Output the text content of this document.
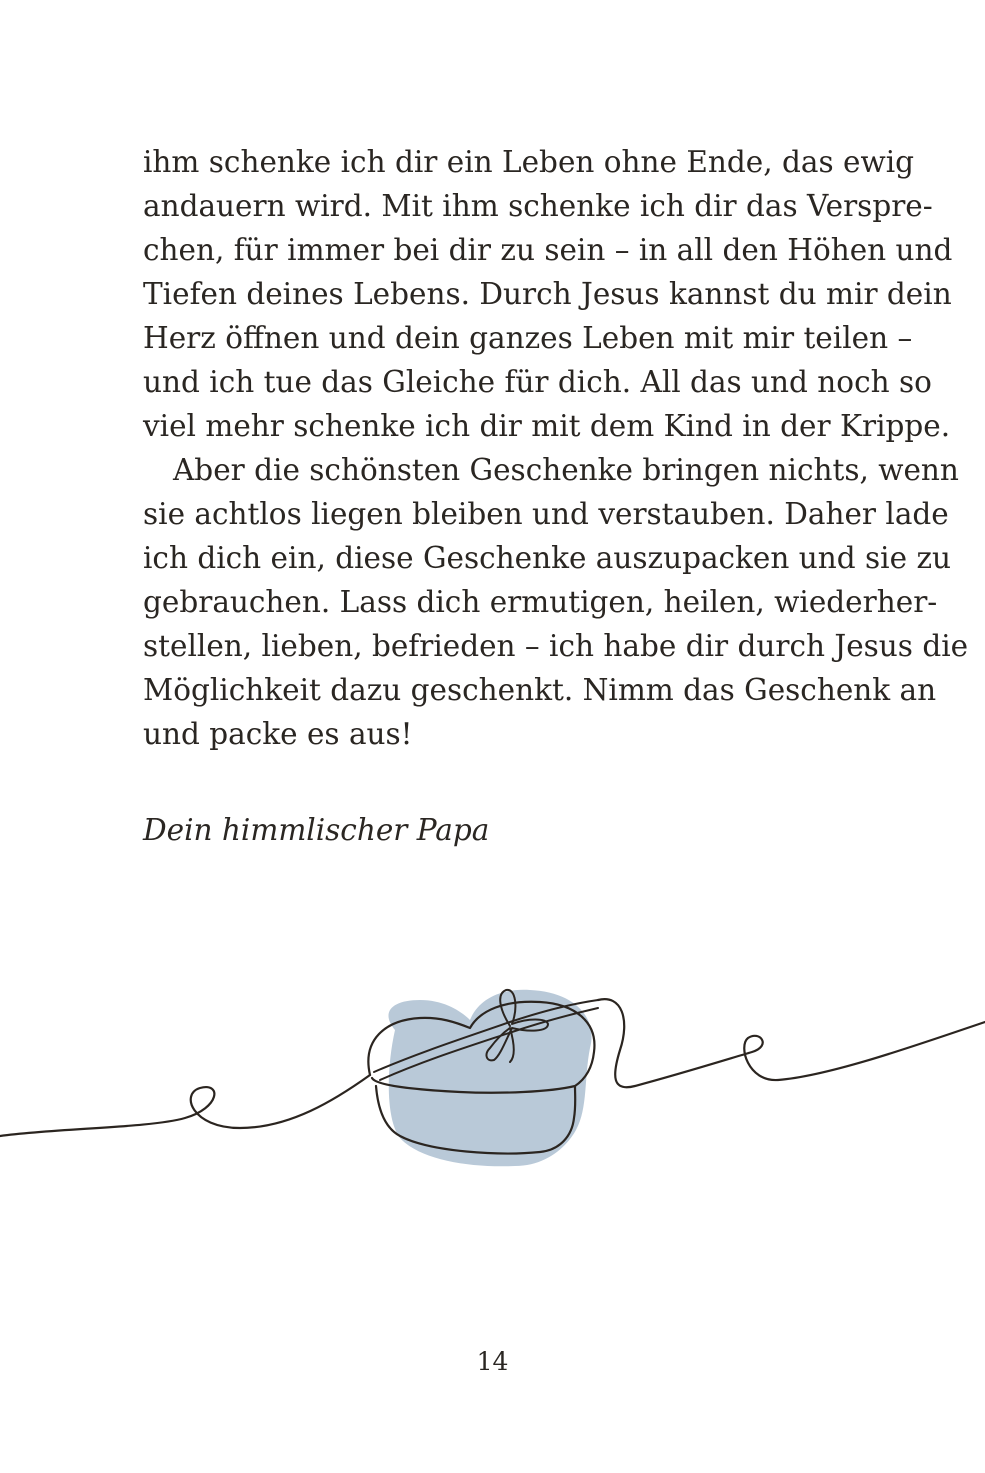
ihm schenke ich dir ein Leben ohne Ende, das ewig
andauern wird. Mit ihm schenke ich dir das Verspre-
chen, für immer bei dir zu sein – in all den Höhen und
Tiefen deines Lebens. Durch Jesus kannst du mir dein
Herz öffnen und dein ganzes Leben mit mir teilen –
und ich tue das Gleiche für dich. All das und noch so
viel mehr schenke ich dir mit dem Kind in der Krippe.
Aber die schönsten Geschenke bringen nichts, wenn
sie achtlos liegen bleiben und verstauben. Daher lade
ich dich ein, diese Geschenke auszupacken und sie zu
gebrauchen. Lass dich ermutigen, heilen, wiederher-
stellen, lieben, befrieden – ich habe dir durch Jesus die
Möglichkeit dazu geschenkt. Nimm das Geschenk an
und packe es aus!
Dein himmlischer Papa
14
